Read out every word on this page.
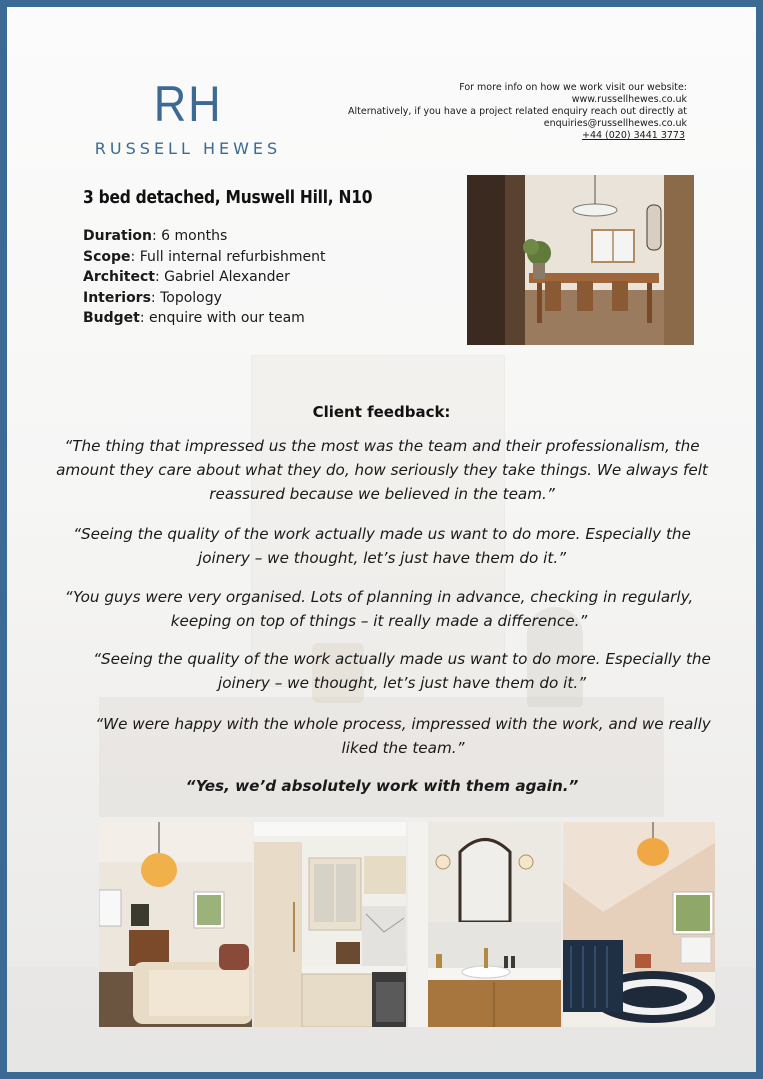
RH
RUSSELL HEWES
For more info on how we work visit our website:
www.russellhewes.co.uk
Alternatively, if you have a project related enquiry reach out directly at
enquiries@russellhewes.co.uk
+44 (020) 3441 3773
3 bed detached, Muswell Hill, N10
Duration: 6 months
Scope: Full internal refurbishment
Architect: Gabriel Alexander
Interiors: Topology
Budget: enquire with our team
Client feedback:
“The thing that impressed us the most was the team and their professionalism, the amount they care about what they do, how seriously they take things. We always felt reassured because we believed in the team.”
“Seeing the quality of the work actually made us want to do more. Especially the joinery – we thought, let’s just have them do it.”
“You guys were very organised. Lots of planning in advance, checking in regularly, keeping on top of things – it really made a difference.”
“Seeing the quality of the work actually made us want to do more. Especially the joinery – we thought, let’s just have them do it.”
“We were happy with the whole process, impressed with the work, and we really liked the team.”
“Yes, we’d absolutely work with them again.”
